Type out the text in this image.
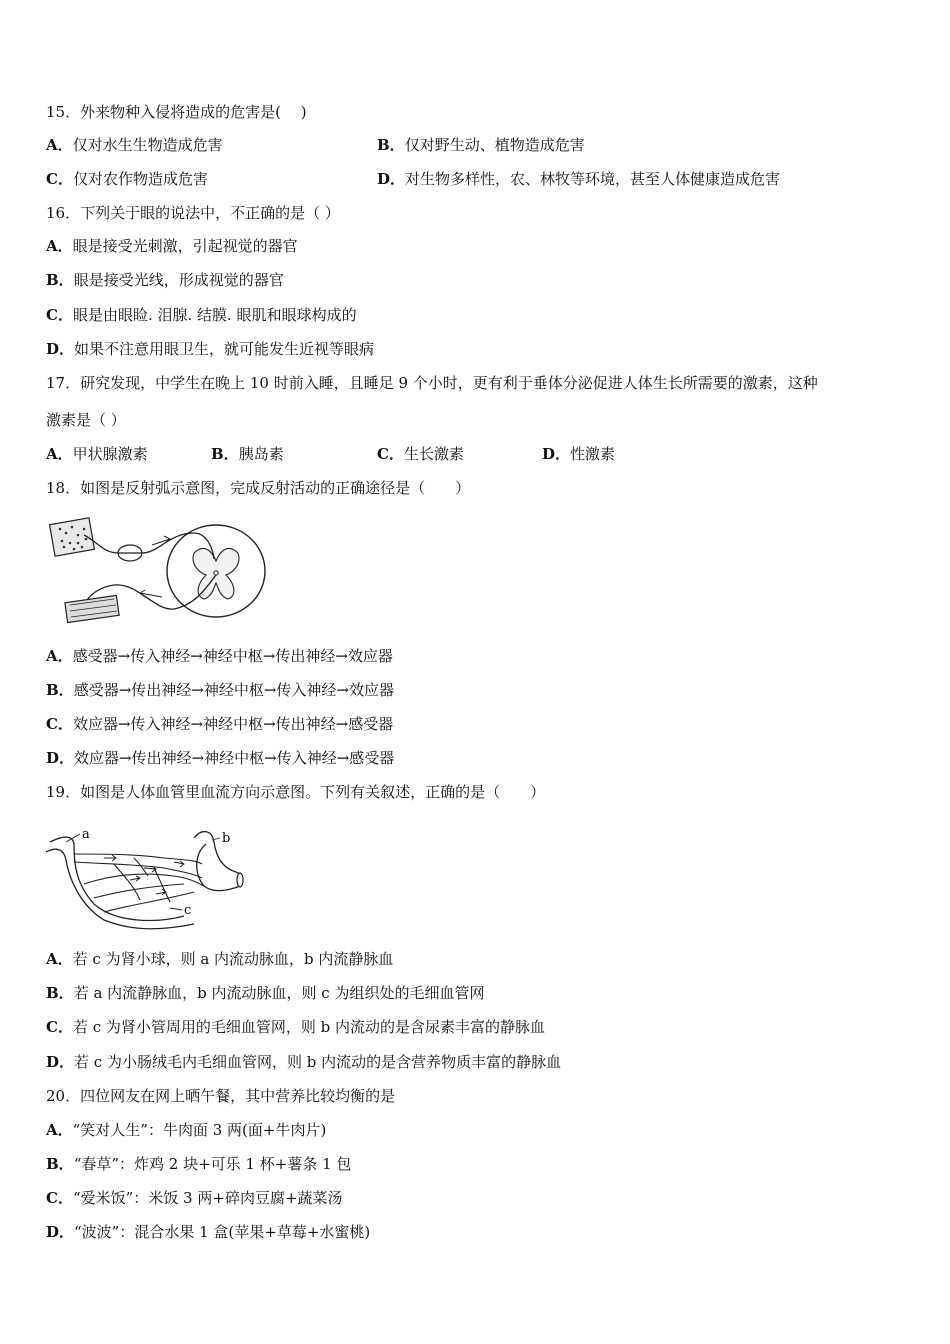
15．外来物种入侵将造成的危害是(　 )
A．仅对水生生物造成危害	B．仅对野生动、植物造成危害
C．仅对农作物造成危害	D．对生物多样性，农、林牧等环境，甚至人体健康造成危害
16．下列关于眼的说法中，不正确的是（ ）
A．眼是接受光刺激，引起视觉的器官
B．眼是接受光线，形成视觉的器官
C．眼是由眼睑. 泪腺. 结膜. 眼肌和眼球构成的
D．如果不注意用眼卫生，就可能发生近视等眼病
17．研究发现，中学生在晚上 10 时前入睡，且睡足 9 个小时，更有利于垂体分泌促进人体生长所需要的激素，这种
激素是（ ）
A．甲状腺激素	B．胰岛素	C．生长激素	D．性激素
18．如图是反射弧示意图，完成反射活动的正确途径是（　　）
A．感受器→传入神经→神经中枢→传出神经→效应器
B．感受器→传出神经→神经中枢→传入神经→效应器
C．效应器→传入神经→神经中枢→传出神经→感受器
D．效应器→传出神经→神经中枢→传入神经→感受器
19．如图是人体血管里血流方向示意图。下列有关叙述，正确的是（　　）
a	b
c
A．若 c 为肾小球，则 a 内流动脉血，b 内流静脉血
B．若 a 内流静脉血，b 内流动脉血，则 c 为组织处的毛细血管网
C．若 c 为肾小管周用的毛细血管网，则 b 内流动的是含尿素丰富的静脉血
D．若 c 为小肠绒毛内毛细血管网，则 b 内流动的是含营养物质丰富的静脉血
20．四位网友在网上晒午餐，其中营养比较均衡的是
A．“笑对人生”：牛肉面 3 两(面+牛肉片)
B．“春草”：炸鸡 2 块+可乐 1 杯+薯条 1 包
C．“爱米饭”：米饭 3 两+碎肉豆腐+蔬菜汤
D．“波波”：混合水果 1 盒(苹果+草莓+水蜜桃)
